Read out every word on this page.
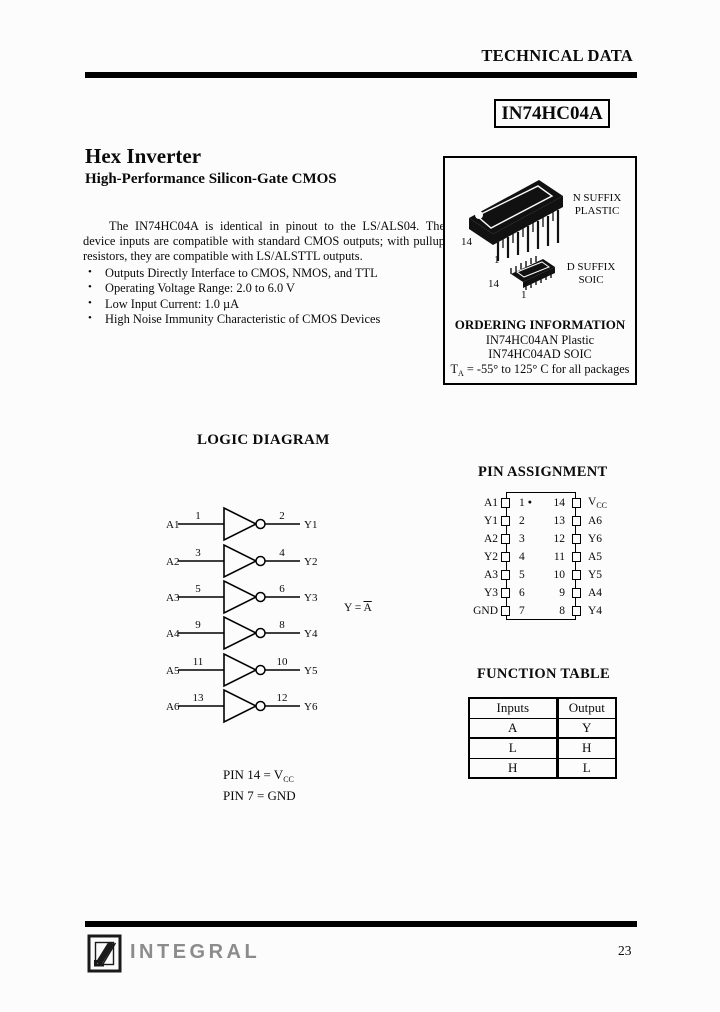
TECHNICAL DATA
IN74HC04A
Hex Inverter
High-Performance Silicon-Gate CMOS

The IN74HC04A is identical in pinout to the LS/ALS04. The device inputs are compatible with standard CMOS outputs; with pullup resistors, they are compatible with LS/ALSTTL outputs.

• Outputs Directly Interface to CMOS, NMOS, and TTL
• Operating Voltage Range: 2.0 to 6.0 V
• Low Input Current: 1.0 µA
• High Noise Immunity Characteristic of CMOS Devices
N SUFFIX
PLASTIC
14
1
D SUFFIX
SOIC
14
1
ORDERING INFORMATION
IN74HC04AN Plastic
IN74HC04AD SOIC
$T_A = -55^\circ$ to 125° C for all packages
LOGIC DIAGRAM
A1
1	2
Y1
A2
3	4
Y2
A3
5	6
Y3
A4
9	8
Y4
A5
11	10
Y5
A6
13	12
Y6
$Y = \overline{A}$
PIN $14 = V_{CC}$
PIN 7 = GND
PIN ASSIGNMENT
A1	1 ●	14	$V_{CC}$
Y1	2	13	A6
A2	3	12	Y6
Y2	4	11	A5
A3	5	10	Y5
Y3	6	9	A4
GND	7	8	Y4
FUNCTION TABLE
Inputs	Output
A	Y
L	H
H	L
INTEGRAL	23
